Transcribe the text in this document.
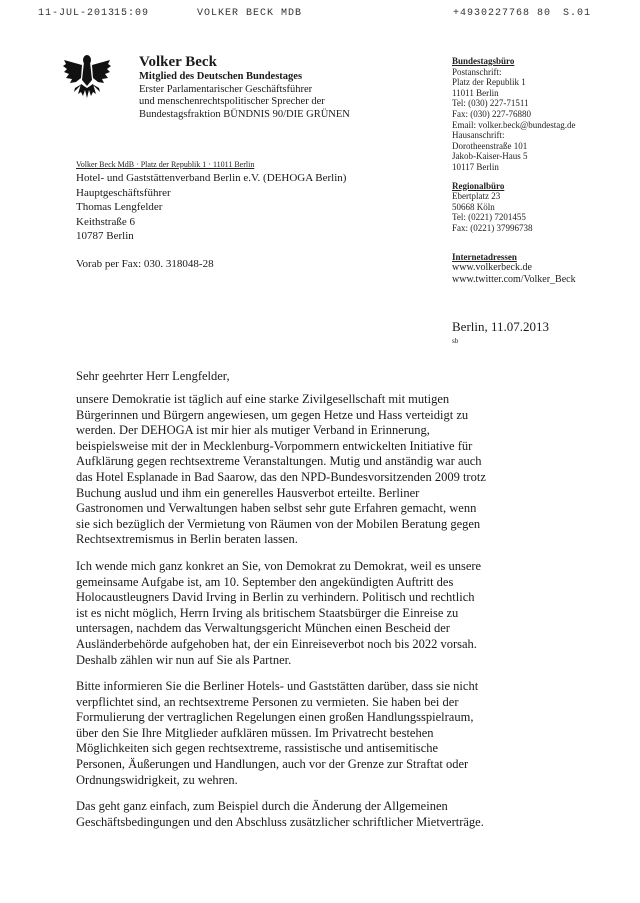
11-JUL-2013
15:09	VOLKER BECK MDB	+4930227768 80 S.01
Volker Beck
Mitglied des Deutschen Bundestages
Erster Parlamentarischer Geschäftsführer
und menschenrechtspolitischer Sprecher der
Bundestagsfraktion BÜNDNIS 90/DIE GRÜNEN
Bundestagsbüro
Postanschrift:
Platz der Republik 1
11011 Berlin
Tel: (030) 227-71511
Fax: (030) 227-76880
Email: volker.beck@bundestag.de
Hausanschrift:
Dorotheenstraße 101
Jakob-Kaiser-Haus 5
10117 Berlin
Regionalbüro
Ebertplatz 23
50668 Köln
Tel: (0221) 7201455
Fax: (0221) 37996738
Internetadressen
www.volkerbeck.de
www.twitter.com/Volker_Beck
Volker Beck MdB · Platz der Republik 1 · 11011 Berlin
Hotel- und Gaststättenverband Berlin e.V. (DEHOGA Berlin)
Hauptgeschäftsführer
Thomas Lengfelder
Keithstraße 6
10787 Berlin
Vorab per Fax: 030. 318048-28
Berlin, 11.07.2013
sb
Sehr geehrter Herr Lengfelder,
unsere Demokratie ist täglich auf eine starke Zivilgesellschaft mit mutigen
Bürgerinnen und Bürgern angewiesen, um gegen Hetze und Hass verteidigt zu
werden. Der DEHOGA ist mir hier als mutiger Verband in Erinnerung,
beispielsweise mit der in Mecklenburg-Vorpommern entwickelten Initiative für
Aufklärung gegen rechtsextreme Veranstaltungen. Mutig und anständig war auch
das Hotel Esplanade in Bad Saarow, das den NPD-Bundesvorsitzenden 2009 trotz
Buchung auslud und ihm ein generelles Hausverbot erteilte. Berliner
Gastronomen und Verwaltungen haben selbst sehr gute Erfahren gemacht, wenn
sie sich bezüglich der Vermietung von Räumen von der Mobilen Beratung gegen
Rechtsextremismus in Berlin beraten lassen.
Ich wende mich ganz konkret an Sie, von Demokrat zu Demokrat, weil es unsere
gemeinsame Aufgabe ist, am 10. September den angekündigten Auftritt des
Holocaustleugners David Irving in Berlin zu verhindern. Politisch und rechtlich
ist es nicht möglich, Herrn Irving als britischem Staatsbürger die Einreise zu
untersagen, nachdem das Verwaltungsgericht München einen Bescheid der
Ausländerbehörde aufgehoben hat, der ein Einreiseverbot noch bis 2022 vorsah.
Deshalb zählen wir nun auf Sie als Partner.
Bitte informieren Sie die Berliner Hotels- und Gaststätten darüber, dass sie nicht
verpflichtet sind, an rechtsextreme Personen zu vermieten. Sie haben bei der
Formulierung der vertraglichen Regelungen einen großen Handlungsspielraum,
über den Sie Ihre Mitglieder aufklären müssen. Im Privatrecht bestehen
Möglichkeiten sich gegen rechtsextreme, rassistische und antisemitische
Personen, Äußerungen und Handlungen, auch vor der Grenze zur Straftat oder
Ordnungswidrigkeit, zu wehren.
Das geht ganz einfach, zum Beispiel durch die Änderung der Allgemeinen
Geschäftsbedingungen und den Abschluss zusätzlicher schriftlicher Mietverträge.
